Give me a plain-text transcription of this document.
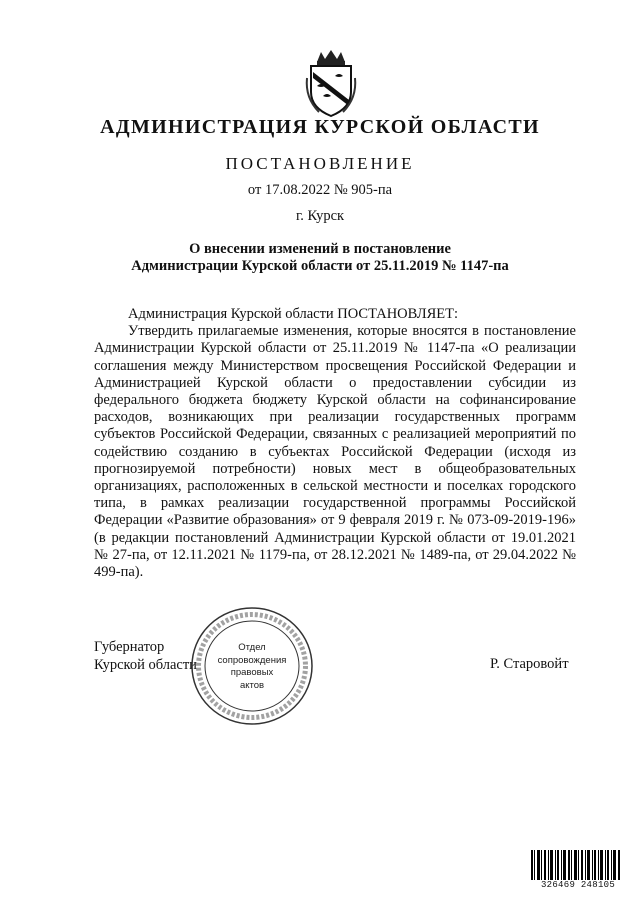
АДМИНИСТРАЦИЯ КУРСКОЙ ОБЛАСТИ
ПОСТАНОВЛЕНИЕ
от 17.08.2022 № 905-па
г. Курск
О внесении изменений в постановление
Администрации Курской области от 25.11.2019 № 1147-па

Администрация Курской области ПОСТАНОВЛЯЕТ:

Утвердить прилагаемые изменения, которые вносятся в постановление Администрации Курской области от 25.11.2019 № 1147-па «О реализации соглашения между Министерством просвещения Российской Федерации и Администрацией Курской области о предоставлении субсидии из федерального бюджета бюджету Курской области на софинансирование расходов, возникающих при реализации государственных программ субъектов Российской Федерации, связанных с реализацией мероприятий по содействию созданию в субъектах Российской Федерации (исходя из прогнозируемой потребности) новых мест в общеобразовательных организациях, расположенных в сельской местности и поселках городского типа, в рамках реализации государственной программы Российской Федерации «Развитие образования» от 9 февраля 2019 г. № 073-09-2019-196» (в редакции постановлений Администрации Курской области от 19.01.2021 № 27-па, от 12.11.2021 № 1179-па, от 28.12.2021 № 1489-па, от 29.04.2022 № 499-па).

Губернатор
Курской области
Отдел
сопровождения
правовых
актов
Р. Старовойт
326469 248105
